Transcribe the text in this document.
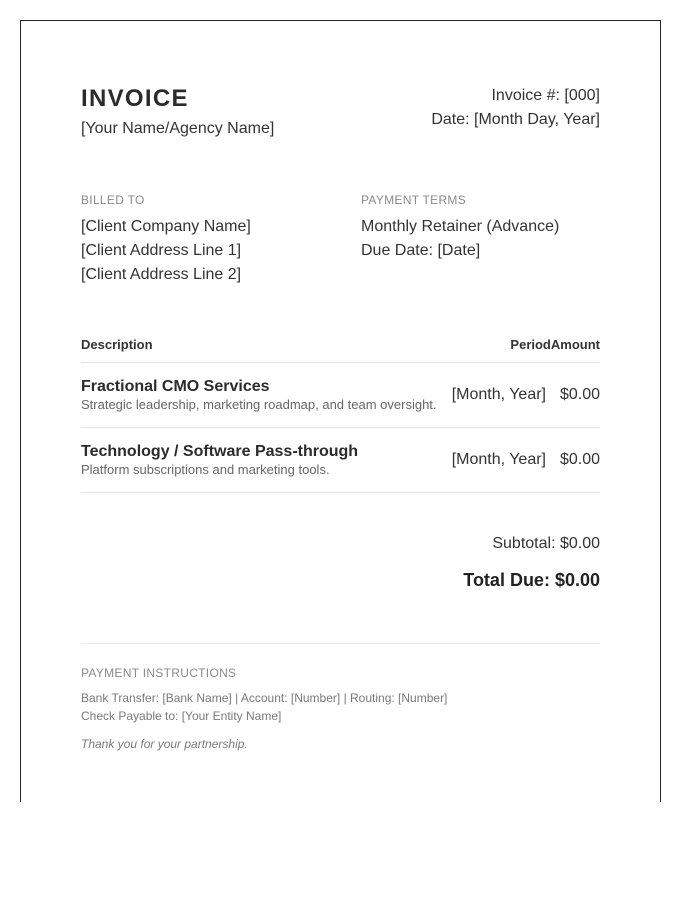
INVOICE
[Your Name/Agency Name]
Invoice #: [000]
Date: [Month Day, Year]
BILLED TO
[Client Company Name]
[Client Address Line 1]
[Client Address Line 2]
PAYMENT TERMS
Monthly Retainer (Advance)
Due Date: [Date]
Description	PeriodAmount
Fractional CMO Services
Strategic leadership, marketing roadmap, and team oversight.
[Month, Year] $0.00
Technology / Software Pass-through
Platform subscriptions and marketing tools.
[Month, Year] $0.00
Subtotal: $0.00
Total Due: $0.00
PAYMENT INSTRUCTIONS
Bank Transfer: [Bank Name] | Account: [Number] | Routing: [Number]
Check Payable to: [Your Entity Name]
Thank you for your partnership.
